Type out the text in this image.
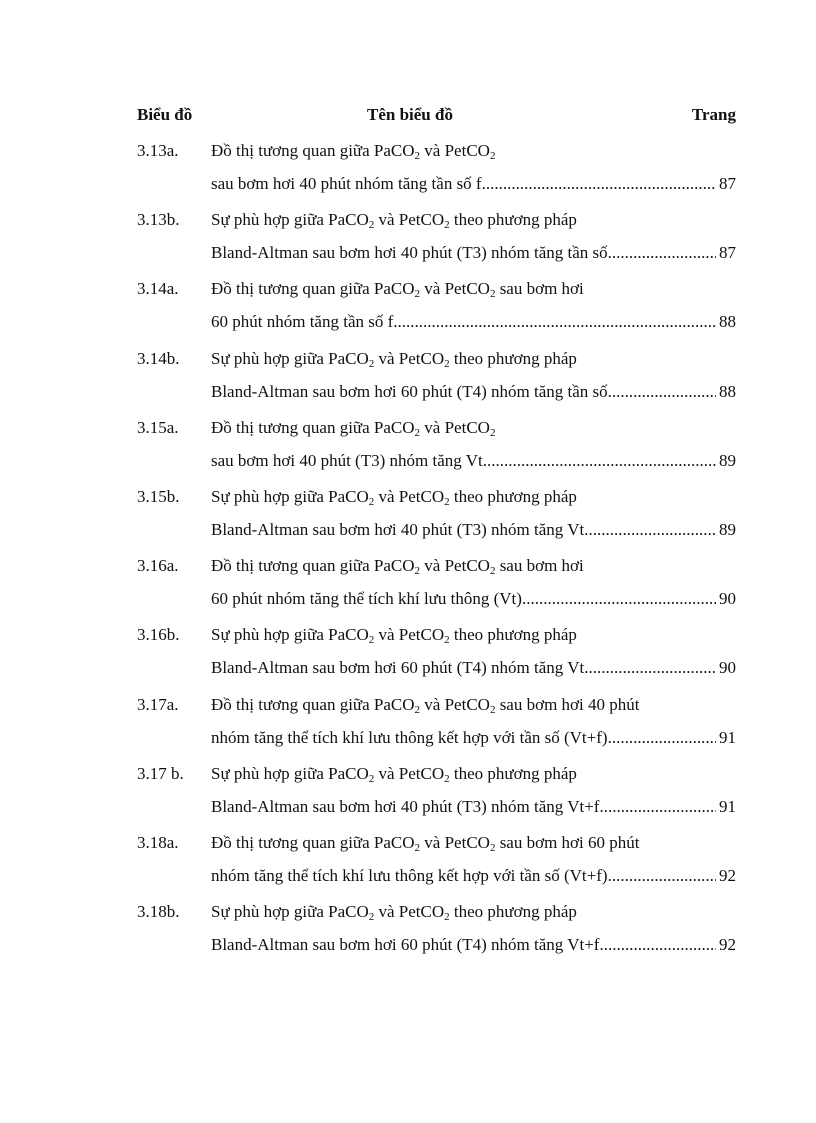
Biểu đồ	Tên biểu đồ	Trang
3.13a. Đồ thị tương quan giữa PaCO$_2$ và PetCO$_2$
sau bơm hơi 40 phút nhóm tăng tần số f .....	87
3.13b. Sự phù hợp giữa PaCO$_2$ và PetCO$_2$ theo phương pháp
Bland-Altman sau bơm hơi 40 phút (T3) nhóm tăng tần số .....	87
3.14a. Đồ thị tương quan giữa PaCO$_2$ và PetCO$_2$ sau bơm hơi
60 phút nhóm tăng tần số f .....	88
3.14b. Sự phù hợp giữa PaCO$_2$ và PetCO$_2$ theo phương pháp
Bland-Altman sau bơm hơi 60 phút (T4) nhóm tăng tần số .....	88
3.15a. Đồ thị tương quan giữa PaCO$_2$ và PetCO$_2$
sau bơm hơi 40 phút (T3) nhóm tăng Vt .....	89
3.15b. Sự phù hợp giữa PaCO$_2$ và PetCO$_2$ theo phương pháp
Bland-Altman sau bơm hơi 40 phút (T3) nhóm tăng Vt .....	89
3.16a. Đồ thị tương quan giữa PaCO$_2$ và PetCO$_2$ sau bơm hơi
60 phút nhóm tăng thể tích khí lưu thông (Vt) .....	90
3.16b. Sự phù hợp giữa PaCO$_2$ và PetCO$_2$ theo phương pháp
Bland-Altman sau bơm hơi 60 phút (T4) nhóm tăng Vt .....	90
3.17a. Đồ thị tương quan giữa PaCO$_2$ và PetCO$_2$ sau bơm hơi 40 phút
nhóm tăng thể tích khí lưu thông kết hợp với tần số (Vt+f) .....	91
3.17 b. Sự phù hợp giữa PaCO$_2$ và PetCO$_2$ theo phương pháp
Bland-Altman sau bơm hơi 40 phút (T3) nhóm tăng Vt+f .....	91
3.18a. Đồ thị tương quan giữa PaCO$_2$ và PetCO$_2$ sau bơm hơi 60 phút
nhóm tăng thể tích khí lưu thông kết hợp với tần số (Vt+f) .....	92
3.18b. Sự phù hợp giữa PaCO$_2$ và PetCO$_2$ theo phương pháp
Bland-Altman sau bơm hơi 60 phút (T4) nhóm tăng Vt+f .....	92
